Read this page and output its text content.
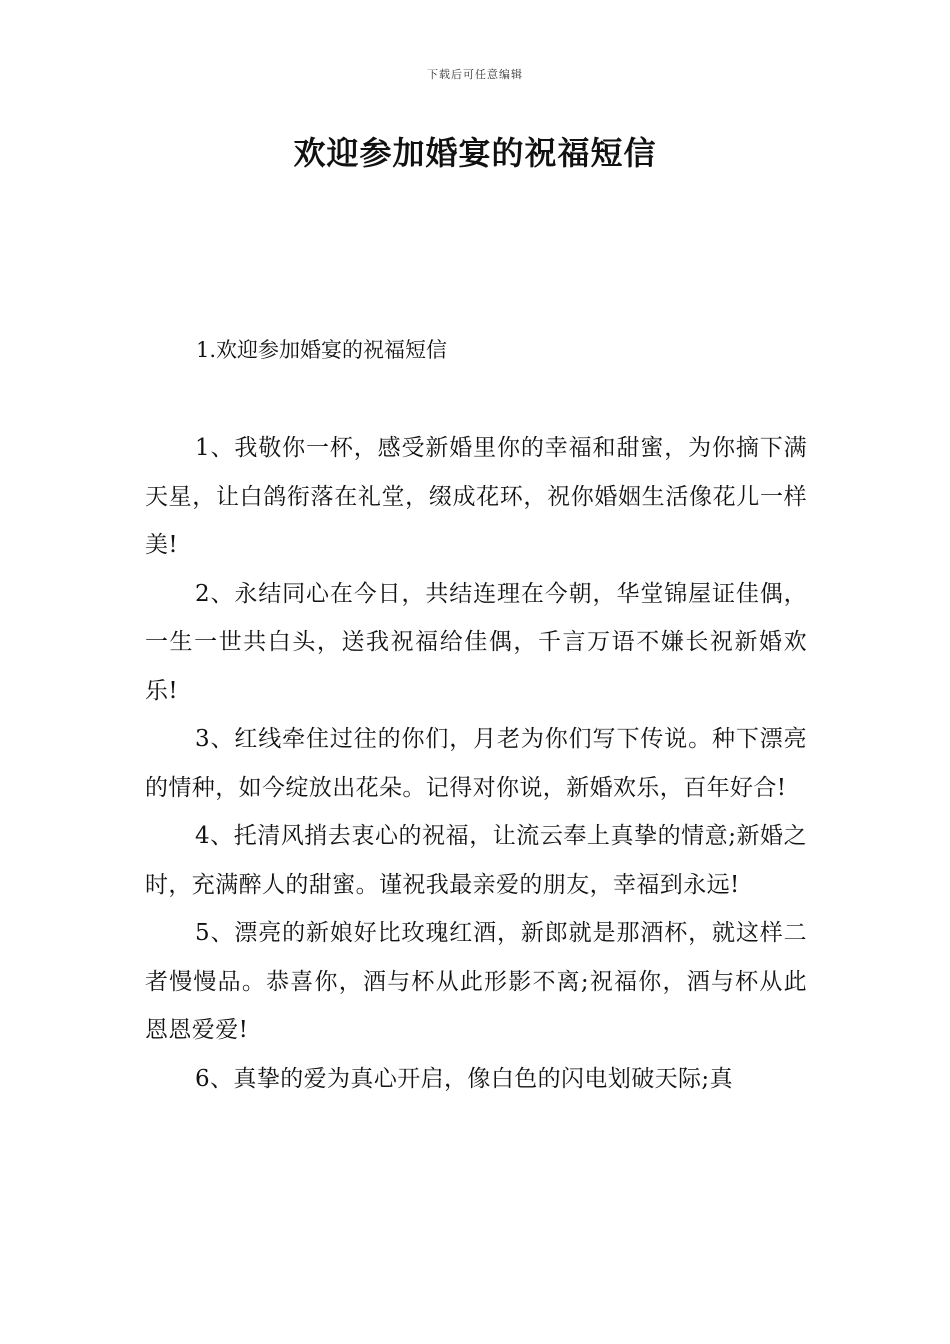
下载后可任意编辑
欢迎参加婚宴的祝福短信
1.欢迎参加婚宴的祝福短信

1、我敬你一杯，感受新婚里你的幸福和甜蜜，为你摘下满天星，让白鸽衔落在礼堂，缀成花环，祝你婚姻生活像花儿一样美!

2、永结同心在今日，共结连理在今朝，华堂锦屋证佳偶，一生一世共白头，送我祝福给佳偶，千言万语不嫌长祝新婚欢乐!

3、红线牵住过往的你们，月老为你们写下传说。种下漂亮的情种，如今绽放出花朵。记得对你说，新婚欢乐，百年好合!

4、托清风捎去衷心的祝福，让流云奉上真挚的情意;新婚之时，充满醉人的甜蜜。谨祝我最亲爱的朋友，幸福到永远!

5、漂亮的新娘好比玫瑰红酒，新郎就是那酒杯，就这样二者慢慢品。恭喜你，酒与杯从此形影不离;祝福你，酒与杯从此恩恩爱爱!

6、真挚的爱为真心开启，像白色的闪电划破天际;真
